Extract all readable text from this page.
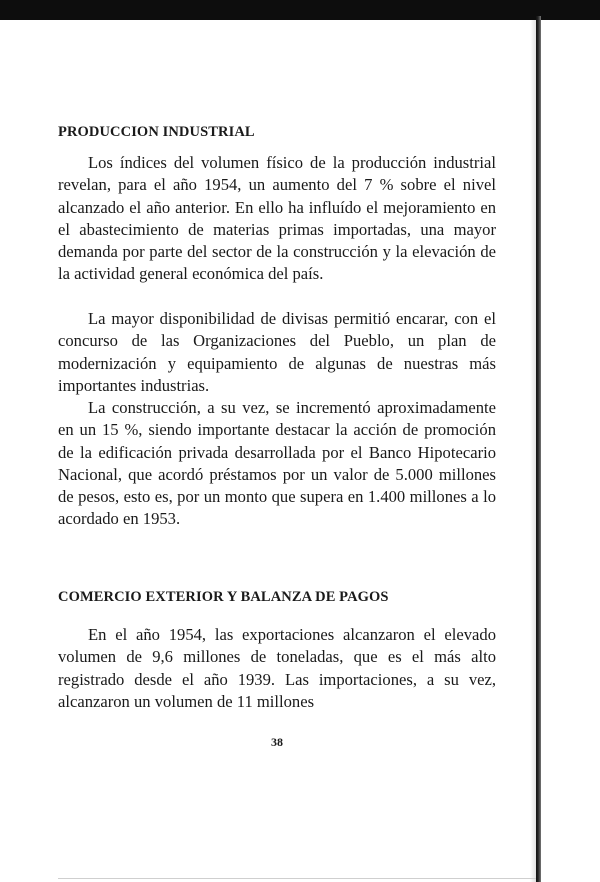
PRODUCCION INDUSTRIAL

Los índices del volumen físico de la producción industrial revelan, para el año 1954, un aumento del 7 % sobre el nivel alcanzado el año anterior. En ello ha influído el mejoramiento en el abastecimiento de materias primas importadas, una mayor demanda por parte del sector de la construcción y la elevación de la actividad general económica del país.

La mayor disponibilidad de divisas permitió encarar, con el concurso de las Organizaciones del Pueblo, un plan de modernización y equipamiento de algunas de nuestras más importantes industrias.

La construcción, a su vez, se incrementó aproximadamente en un 15 %, siendo importante destacar la acción de promoción de la edificación privada desarrollada por el Banco Hipotecario Nacional, que acordó préstamos por un valor de 5.000 millones de pesos, esto es, por un monto que supera en 1.400 millones a lo acordado en 1953.

COMERCIO EXTERIOR Y BALANZA DE PAGOS

En el año 1954, las exportaciones alcanzaron el elevado volumen de 9,6 millones de toneladas, que es el más alto registrado desde el año 1939. Las importaciones, a su vez, alcanzaron un volumen de 11 millones

38
